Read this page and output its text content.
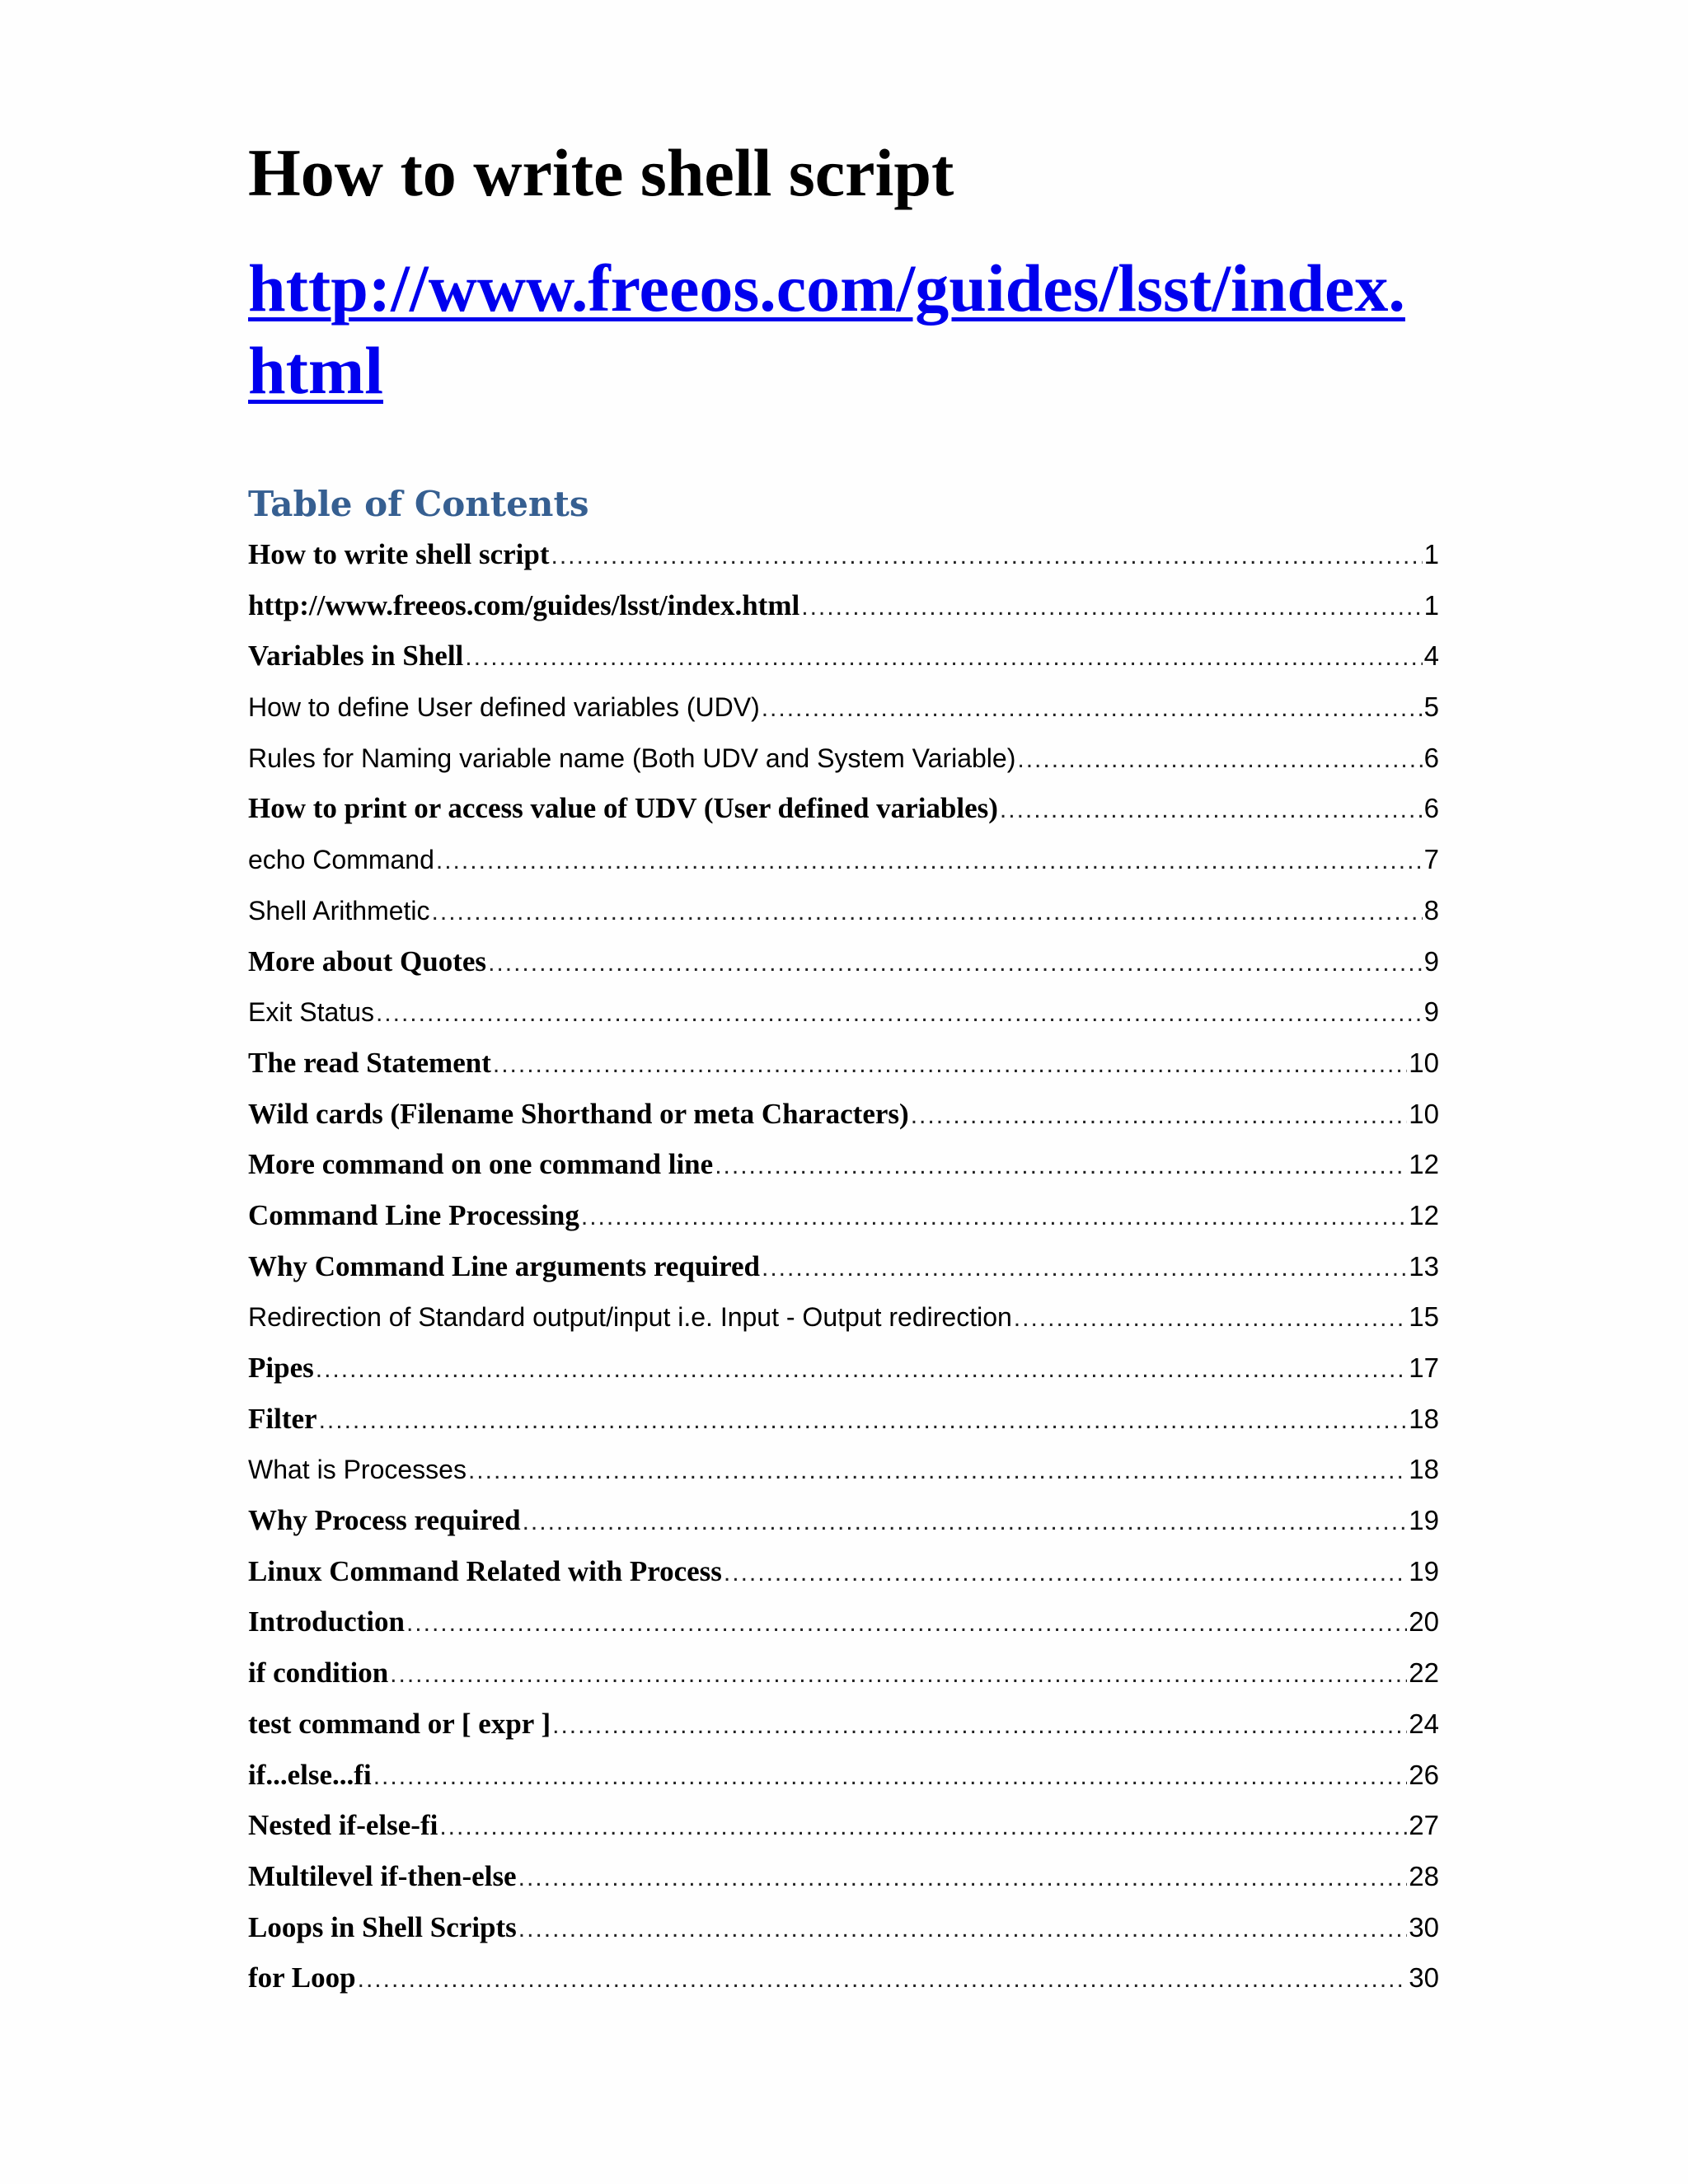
How to write shell script
http://www.freeos.com/guides/lsst/index.html
Table of Contents
How to write shell script .....	1
http://www.freeos.com/guides/lsst/index.html .....	1
Variables in Shell .....	4
How to define User defined variables (UDV) .....	5
Rules for Naming variable name (Both UDV and System Variable) .....	6
How to print or access value of UDV (User defined variables) .....	6
echo Command .....	7
Shell Arithmetic .....	8
More about Quotes .....	9
Exit Status .....	9
The read Statement .....	10
Wild cards (Filename Shorthand or meta Characters) .....	10
More command on one command line .....	12
Command Line Processing .....	12
Why Command Line arguments required .....	13
Redirection of Standard output/input i.e. Input - Output redirection .....	15
Pipes .....	17
Filter .....	18
What is Processes .....	18
Why Process required .....	19
Linux Command Related with Process .....	19
Introduction .....	20
if condition .....	22
test command or [ expr ] .....	24
if...else...fi .....	26
Nested if-else-fi .....	27
Multilevel if-then-else .....	28
Loops in Shell Scripts .....	30
for Loop .....	30
